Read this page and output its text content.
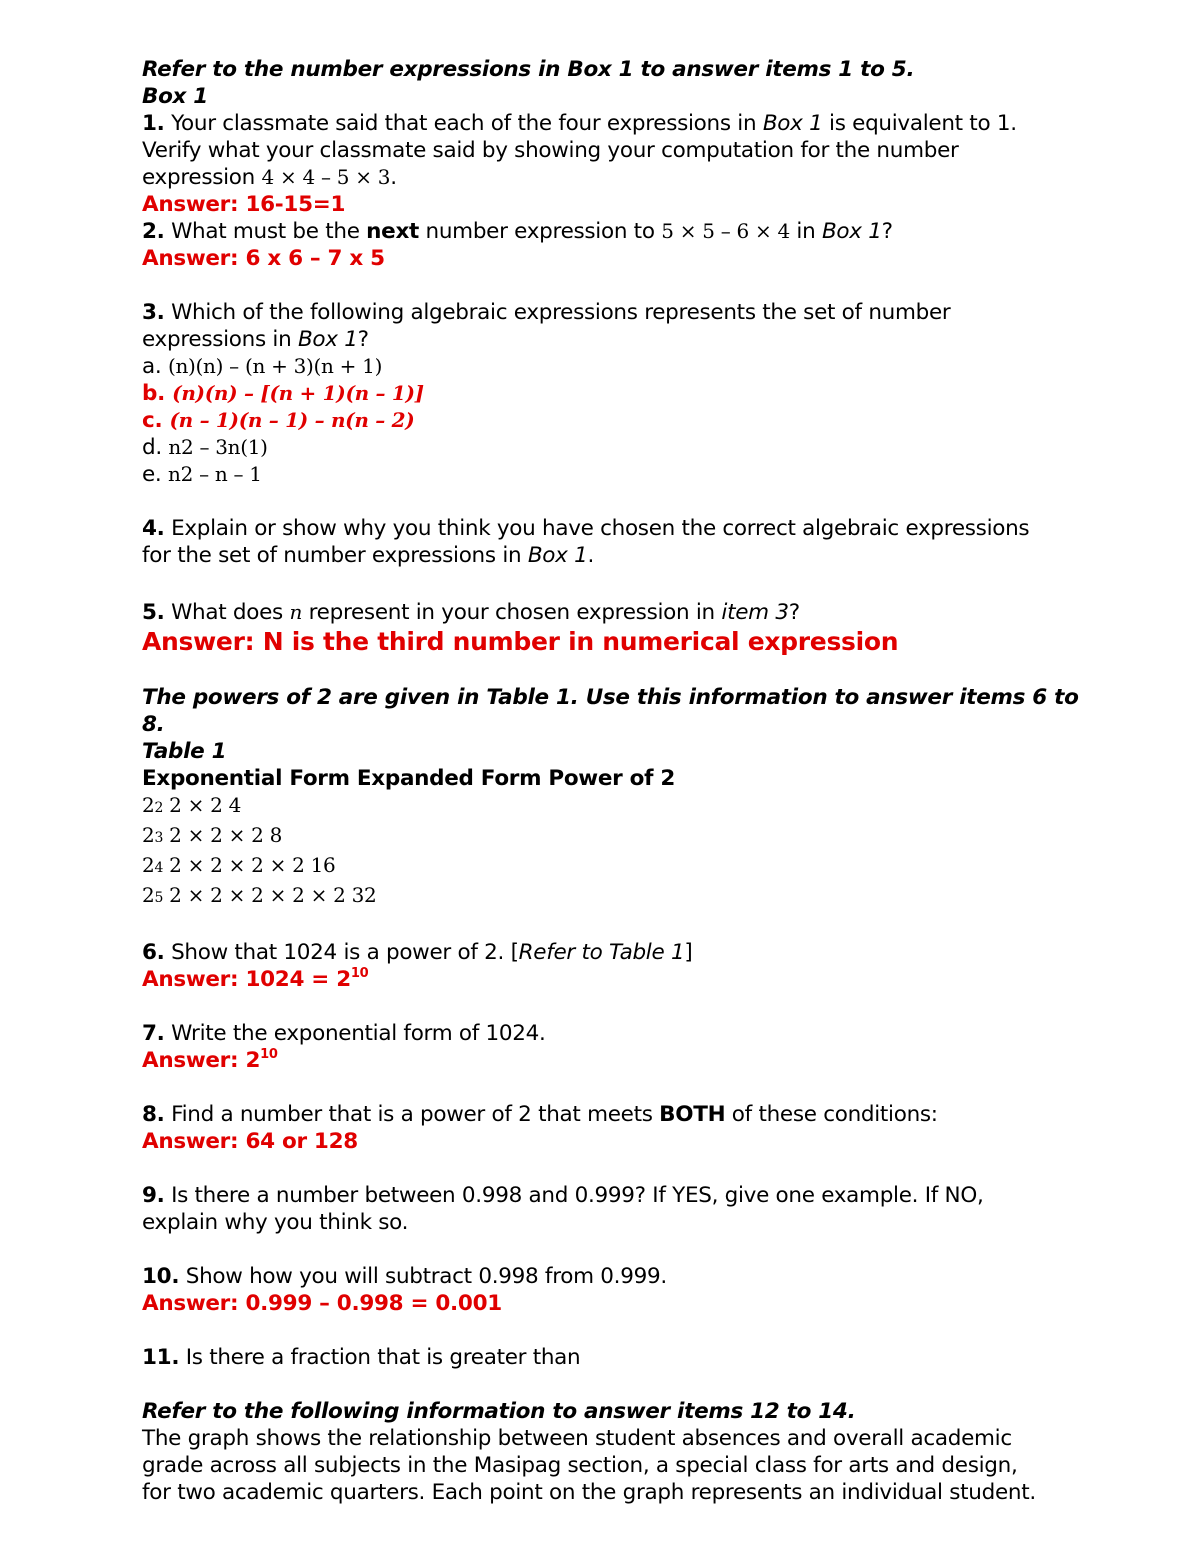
Refer to the number expressions in Box 1 to answer items 1 to 5.
Box 1
1. Your classmate said that each of the four expressions in Box 1 is equivalent to 1.
Verify what your classmate said by showing your computation for the number
expression 4 × 4 – 5 × 3.
Answer: 16-15=1
2. What must be the next number expression to 5 × 5 – 6 × 4 in Box 1?
Answer: 6 x 6 – 7 x 5
3. Which of the following algebraic expressions represents the set of number
expressions in Box 1?
a. (n)(n) – (n + 3)(n + 1)
b. (n)(n) – [(n + 1)(n – 1)]
c. (n – 1)(n – 1) – n(n – 2)
d. n2 – 3n(1)
e. n2 – n – 1
4. Explain or show why you think you have chosen the correct algebraic expressions
for the set of number expressions in Box 1.
5. What does n represent in your chosen expression in item 3?
Answer: N is the third number in numerical expression
The powers of 2 are given in Table 1. Use this information to answer items 6 to
8.
Table 1
Exponential Form Expanded Form Power of 2
22 2 × 2 4
23 2 × 2 × 2 8
24 2 × 2 × 2 × 2 16
25 2 × 2 × 2 × 2 × 2 32
6. Show that 1024 is a power of 2. [Refer to Table 1]
Answer: $1024 = 2^{10}$
7. Write the exponential form of 1024.
Answer: $2^{10}$
8. Find a number that is a power of 2 that meets BOTH of these conditions:
Answer: 64 or 128
9. Is there a number between 0.998 and 0.999? If YES, give one example. If NO,
explain why you think so.
10. Show how you will subtract 0.998 from 0.999.
Answer: 0.999 – 0.998 = 0.001
11. Is there a fraction that is greater than
Refer to the following information to answer items 12 to 14.
The graph shows the relationship between student absences and overall academic
grade across all subjects in the Masipag section, a special class for arts and design,
for two academic quarters. Each point on the graph represents an individual student.
